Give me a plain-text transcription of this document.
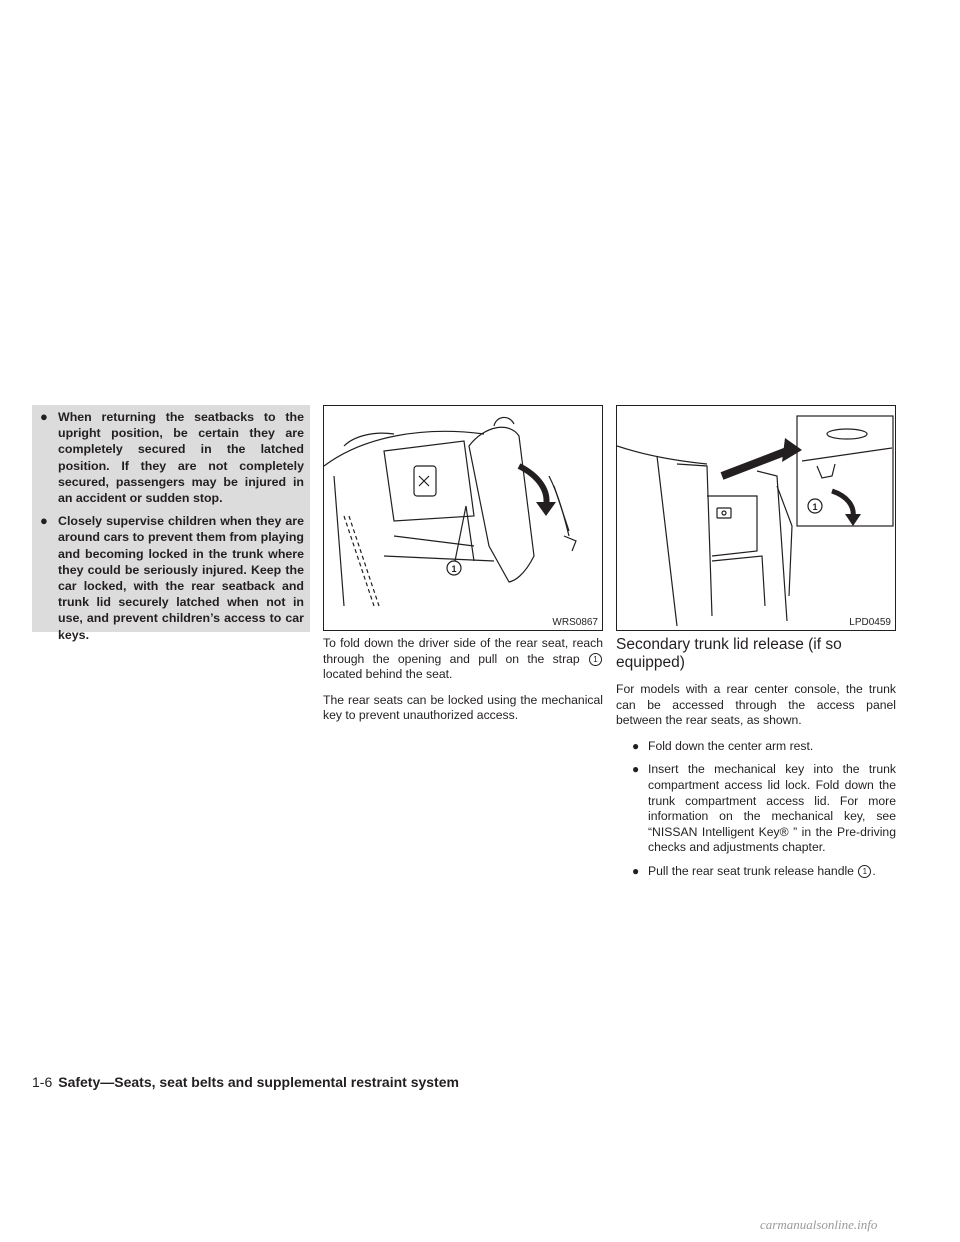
● When returning the seatbacks to the upright position, be certain they are completely secured in the latched position. If they are not completely secured, passengers may be injured in an accident or sudden stop.
● Closely supervise children when they are around cars to prevent them from playing and becoming locked in the trunk where they could be seriously injured. Keep the car locked, with the rear seatback and trunk lid securely latched when not in use, and prevent children’s access to car keys.
1
WRS0867
1
LPD0459

To fold down the driver side of the rear seat, reach through the opening and pull on the strap 1 located behind the seat.

The rear seats can be locked using the mechanical key to prevent unauthorized access.

Secondary trunk lid release (if so equipped)

For models with a rear center console, the trunk can be accessed through the access panel between the rear seats, as shown.

● Fold down the center arm rest.
● Insert the mechanical key into the trunk compartment access lid lock. Fold down the trunk compartment access lid. For more information on the mechanical key, see “NISSAN Intelligent Key® ” in the Pre-driving checks and adjustments chapter.
● Pull the rear seat trunk release handle 1 .
1-6 Safety—Seats, seat belts and supplemental restraint system
carmanualsonline.info
